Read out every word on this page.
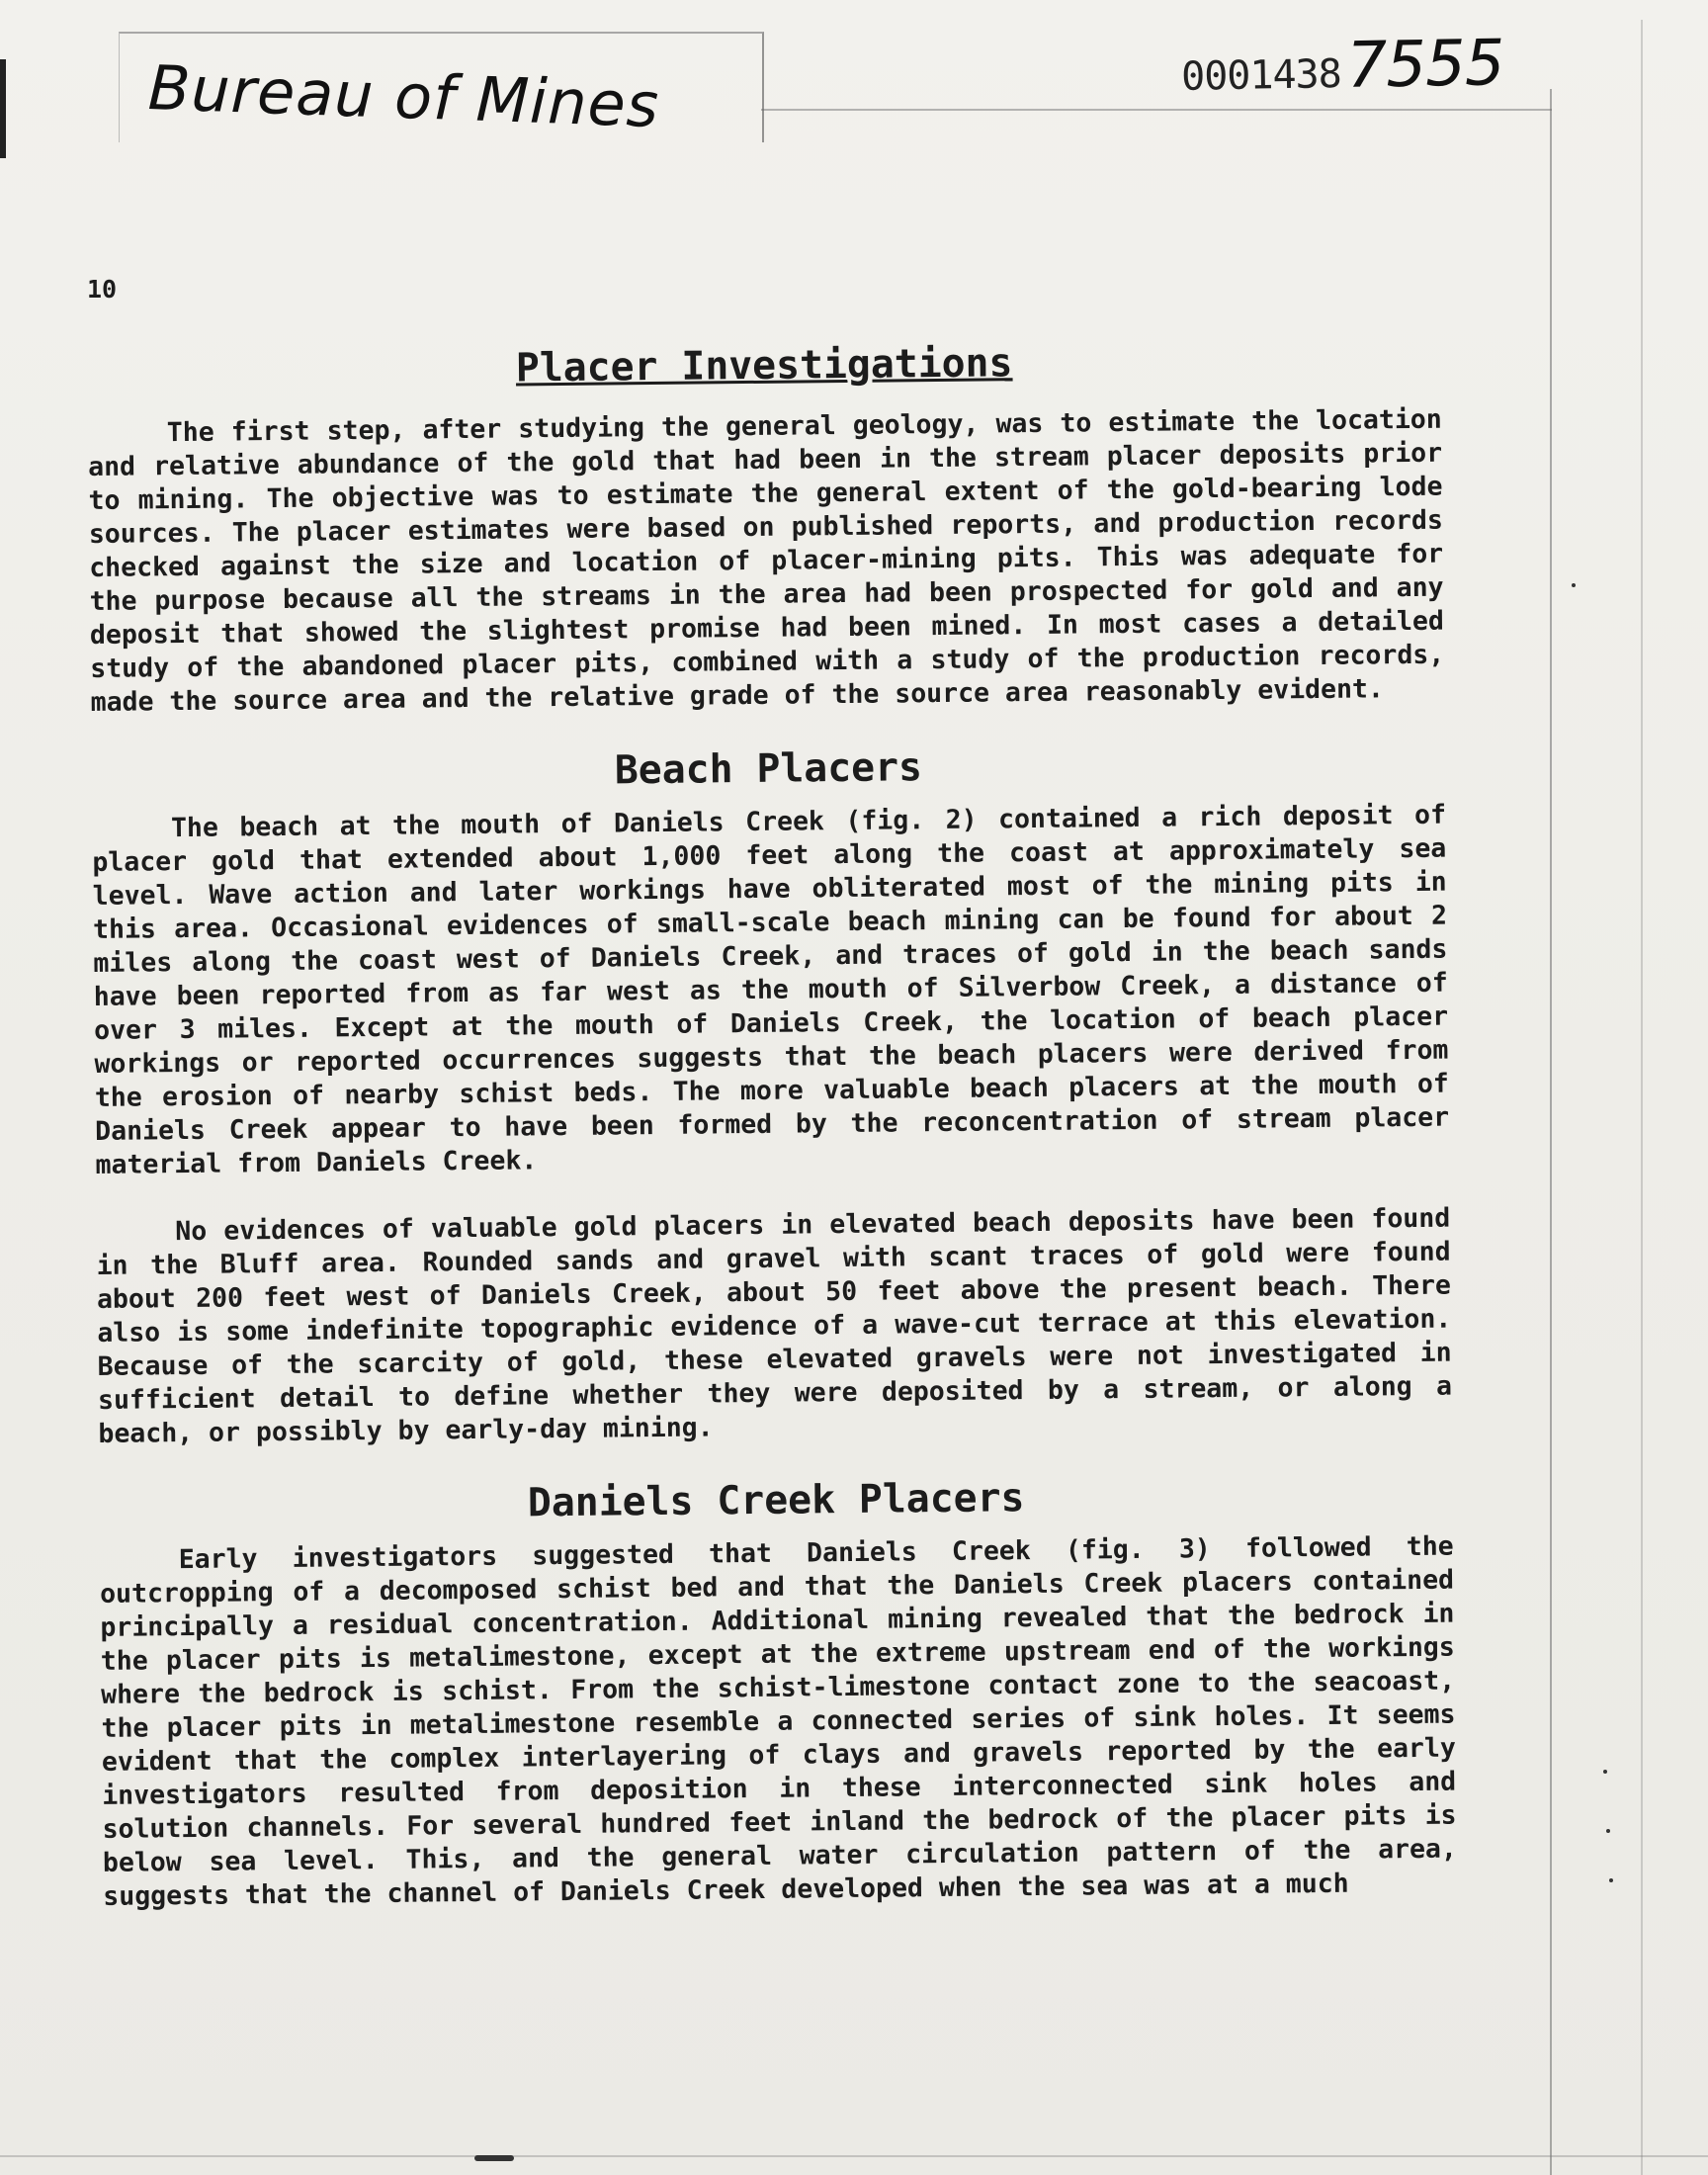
Bureau of Mines	00014387555
10
Placer Investigations

The first step, after studying the general geology, was to estimate the location and relative abundance of the gold that had been in the stream placer deposits prior to mining. The objective was to estimate the general extent of the gold-bearing lode sources. The placer estimates were based on published reports, and production records checked against the size and location of placer-mining pits. This was adequate for the purpose because all the streams in the area had been prospected for gold and any deposit that showed the slightest promise had been mined. In most cases a detailed study of the abandoned placer pits, combined with a study of the production records, made the source area and the relative grade of the source area reasonably evident.

Beach Placers

The beach at the mouth of Daniels Creek (fig. 2) contained a rich deposit of placer gold that extended about 1,000 feet along the coast at approximately sea level. Wave action and later workings have obliterated most of the mining pits in this area. Occasional evidences of small-scale beach mining can be found for about 2 miles along the coast west of Daniels Creek, and traces of gold in the beach sands have been reported from as far west as the mouth of Silverbow Creek, a distance of over 3 miles. Except at the mouth of Daniels Creek, the location of beach placer workings or reported occurrences suggests that the beach placers were derived from the erosion of nearby schist beds. The more valuable beach placers at the mouth of Daniels Creek appear to have been formed by the reconcentration of stream placer material from Daniels Creek.

No evidences of valuable gold placers in elevated beach deposits have been found in the Bluff area. Rounded sands and gravel with scant traces of gold were found about 200 feet west of Daniels Creek, about 50 feet above the present beach. There also is some indefinite topographic evidence of a wave-cut terrace at this elevation. Because of the scarcity of gold, these elevated gravels were not investigated in sufficient detail to define whether they were deposited by a stream, or along a beach, or possibly by early-day mining.

Daniels Creek Placers

Early investigators suggested that Daniels Creek (fig. 3) followed the outcropping of a decomposed schist bed and that the Daniels Creek placers contained principally a residual concentration. Additional mining revealed that the bedrock in the placer pits is metalimestone, except at the extreme upstream end of the workings where the bedrock is schist. From the schist-limestone contact zone to the seacoast, the placer pits in metalimestone resemble a connected series of sink holes. It seems evident that the complex interlayering of clays and gravels reported by the early investigators resulted from deposition in these interconnected sink holes and solution channels. For several hundred feet inland the bedrock of the placer pits is below sea level. This, and the general water circulation pattern of the area, suggests that the channel of Daniels Creek developed when the sea was at a much
